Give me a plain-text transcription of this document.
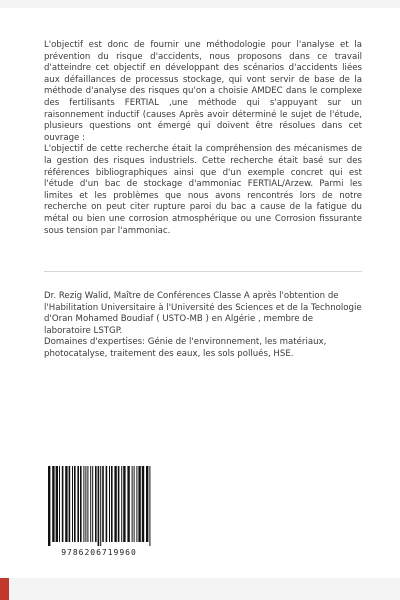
L'objectif est donc de fournir une méthodologie pour l'analyse et la prévention du risque d'accidents, nous proposons dans ce travail d'atteindre cet objectif en développant des scénarios d'accidents liées aux défaillances de processus stockage, qui vont servir de base de la méthode d'analyse des risques qu'on a choisie AMDEC dans le complexe des fertilisants FERTIAL ,une méthode qui s'appuyant sur un raisonnement inductif (causes Après avoir déterminé le sujet de l'étude, plusieurs questions ont émergé qui doivent être résolues dans cet ouvrage :

L'objectif de cette recherche était la compréhension des mécanismes de la gestion des risques industriels. Cette recherche était basé sur des références bibliographiques ainsi que d'un exemple concret qui est l'étude d'un bac de stockage d'ammoniac FERTIAL/Arzew. Parmi les limites et les problèmes que nous avons rencontrés lors de notre recherche on peut citer rupture paroi du bac a cause de la fatigue du métal ou bien une corrosion atmosphérique ou une Corrosion fissurante sous tension par l'ammoniac.

Dr. Rezig Walid, Maître de Conférences Classe A après l'obtention de l'Habilitation Universitaire à l'Université des Sciences et de la Technologie d'Oran Mohamed Boudiaf ( USTO-MB ) en Algérie , membre de laboratoire LSTGP.

Domaines d'expertises: Génie de l'environnement, les matériaux, photocatalyse, traitement des eaux, les sols pollués, HSE.

9786206719960
